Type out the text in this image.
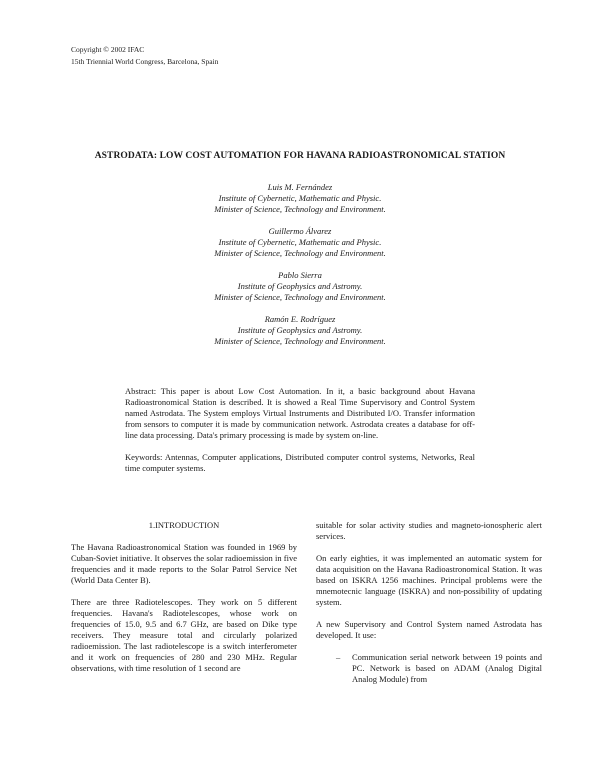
Copyright © 2002 IFAC
15th Triennial World Congress, Barcelona, Spain
ASTRODATA: LOW COST AUTOMATION FOR HAVANA RADIOASTRONOMICAL STATION

Luis M. Fernández

Institute of Cybernetic, Mathematic and Physic.

Minister of Science, Technology and Environment.

Guillermo Álvarez

Institute of Cybernetic, Mathematic and Physic.

Minister of Science, Technology and Environment.

Pablo Sierra

Institute of Geophysics and Astromy.

Minister of Science, Technology and Environment.

Ramón E. Rodríguez

Institute of Geophysics and Astromy.

Minister of Science, Technology and Environment.

Abstract: This paper is about Low Cost Automation. In it, a basic background about Havana Radioastronomical Station is described. It is showed a Real Time Supervisory and Control System named Astrodata. The System employs Virtual Instruments and Distributed I/O. Transfer information from sensors to computer it is made by communication network. Astrodata creates a database for off-line data processing. Data's primary processing is made by system on-line.

Keywords: Antennas, Computer applications, Distributed computer control systems, Networks, Real time computer systems.

1.INTRODUCTION

The Havana Radioastronomical Station was founded in 1969 by Cuban-Soviet initiative. It observes the solar radioemission in five frequencies and it made reports to the Solar Patrol Service Net (World Data Center B).

There are three Radiotelescopes. They work on 5 different frequencies. Havana's Radiotelescopes, whose work on frequencies of 15.0, 9.5 and 6.7 GHz, are based on Dike type receivers. They measure total and circularly polarized radioemission. The last radiotelescope is a switch interferometer and it work on frequencies of 280 and 230 MHz. Regular observations, with time resolution of 1 second are

suitable for solar activity studies and magneto-ionospheric alert services.

On early eighties, it was implemented an automatic system for data acquisition on the Havana Radioastronomical Station. It was based on ISKRA 1256 machines. Principal problems were the mnemotecnic language (ISKRA) and non-possibility of updating system.

A new Supervisory and Control System named Astrodata has developed. It use:

– Communication serial network between 19 points and PC. Network is based on ADAM (Analog Digital Analog Module) from
